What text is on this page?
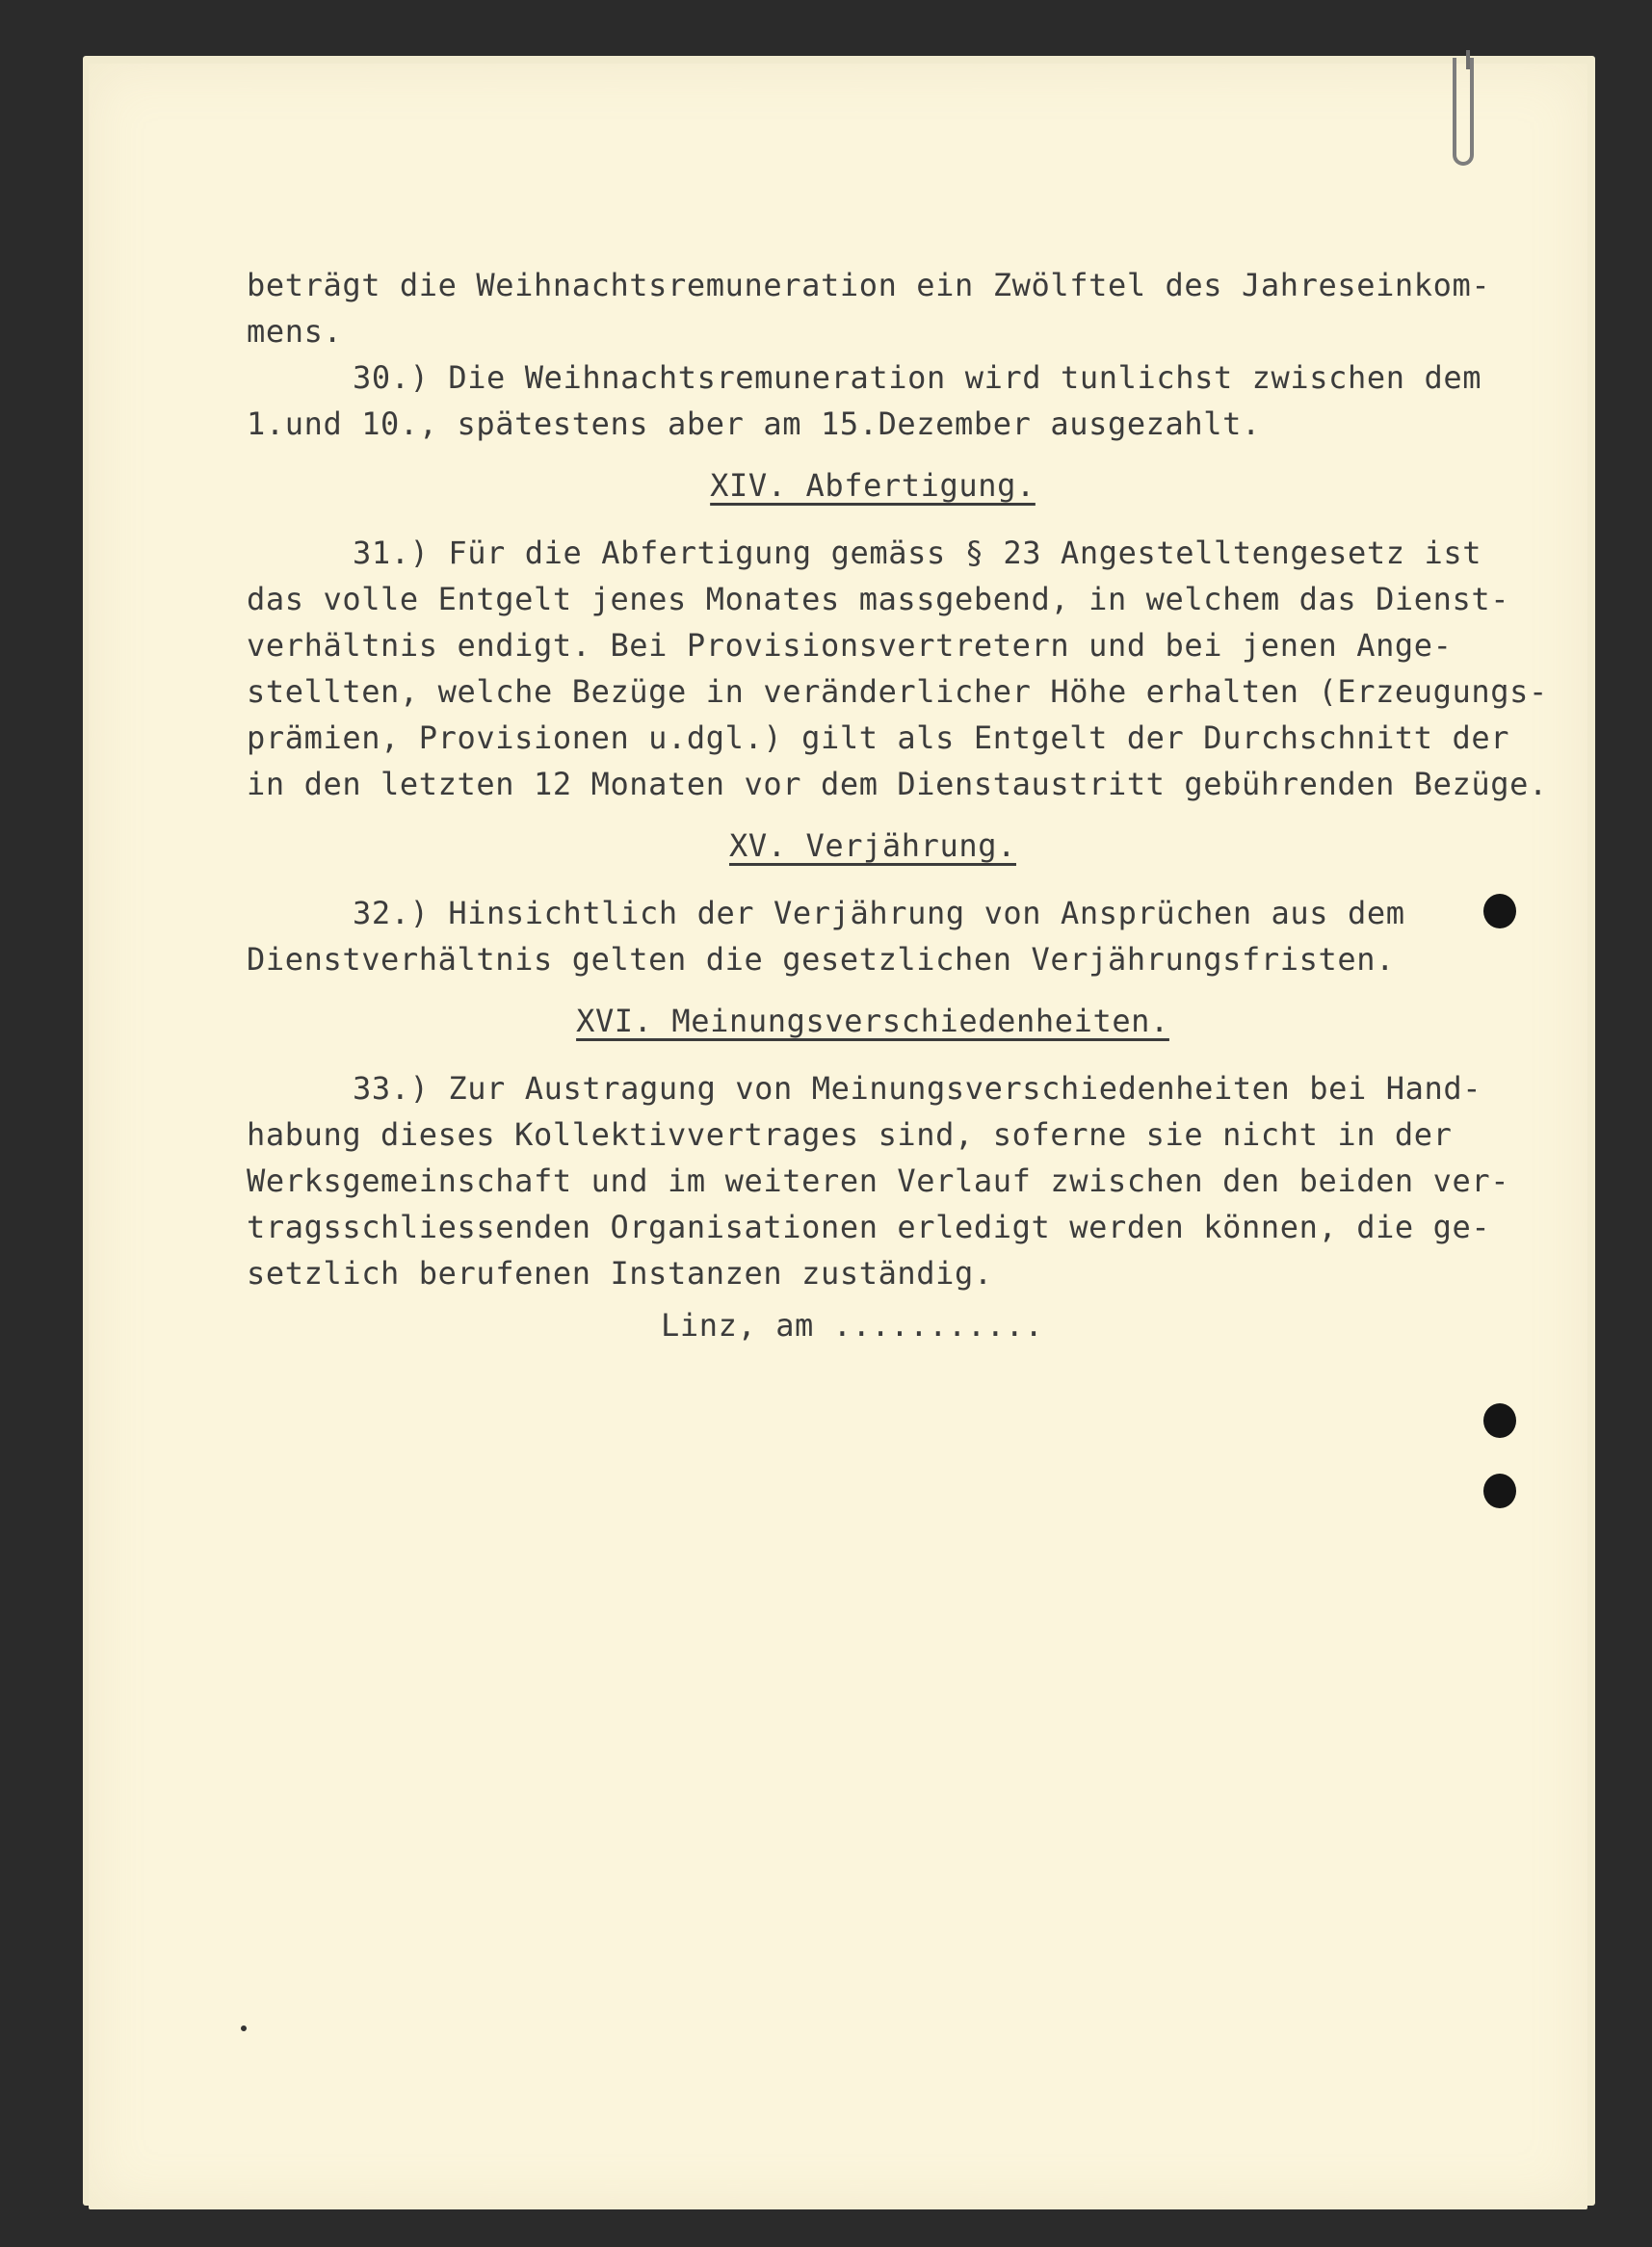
beträgt die Weihnachtsremuneration ein Zwölftel des Jahreseinkom-
mens.
30.) Die Weihnachtsremuneration wird tunlichst zwischen dem
1.und 10., spätestens aber am 15.Dezember ausgezahlt.
XIV. Abfertigung.
31.) Für die Abfertigung gemäss § 23 Angestelltengesetz ist
das volle Entgelt jenes Monates massgebend, in welchem das Dienst-
verhältnis endigt. Bei Provisionsvertretern und bei jenen Ange-
stellten, welche Bezüge in veränderlicher Höhe erhalten (Erzeugungs-
prämien, Provisionen u.dgl.) gilt als Entgelt der Durchschnitt der
in den letzten 12 Monaten vor dem Dienstaustritt gebührenden Bezüge.
XV. Verjährung.
32.) Hinsichtlich der Verjährung von Ansprüchen aus dem
Dienstverhältnis gelten die gesetzlichen Verjährungsfristen.
XVI. Meinungsverschiedenheiten.
33.) Zur Austragung von Meinungsverschiedenheiten bei Hand-
habung dieses Kollektivvertrages sind, soferne sie nicht in der
Werksgemeinschaft und im weiteren Verlauf zwischen den beiden ver-
tragsschliessenden Organisationen erledigt werden können, die ge-
setzlich berufenen Instanzen zuständig.
Linz, am ...........
